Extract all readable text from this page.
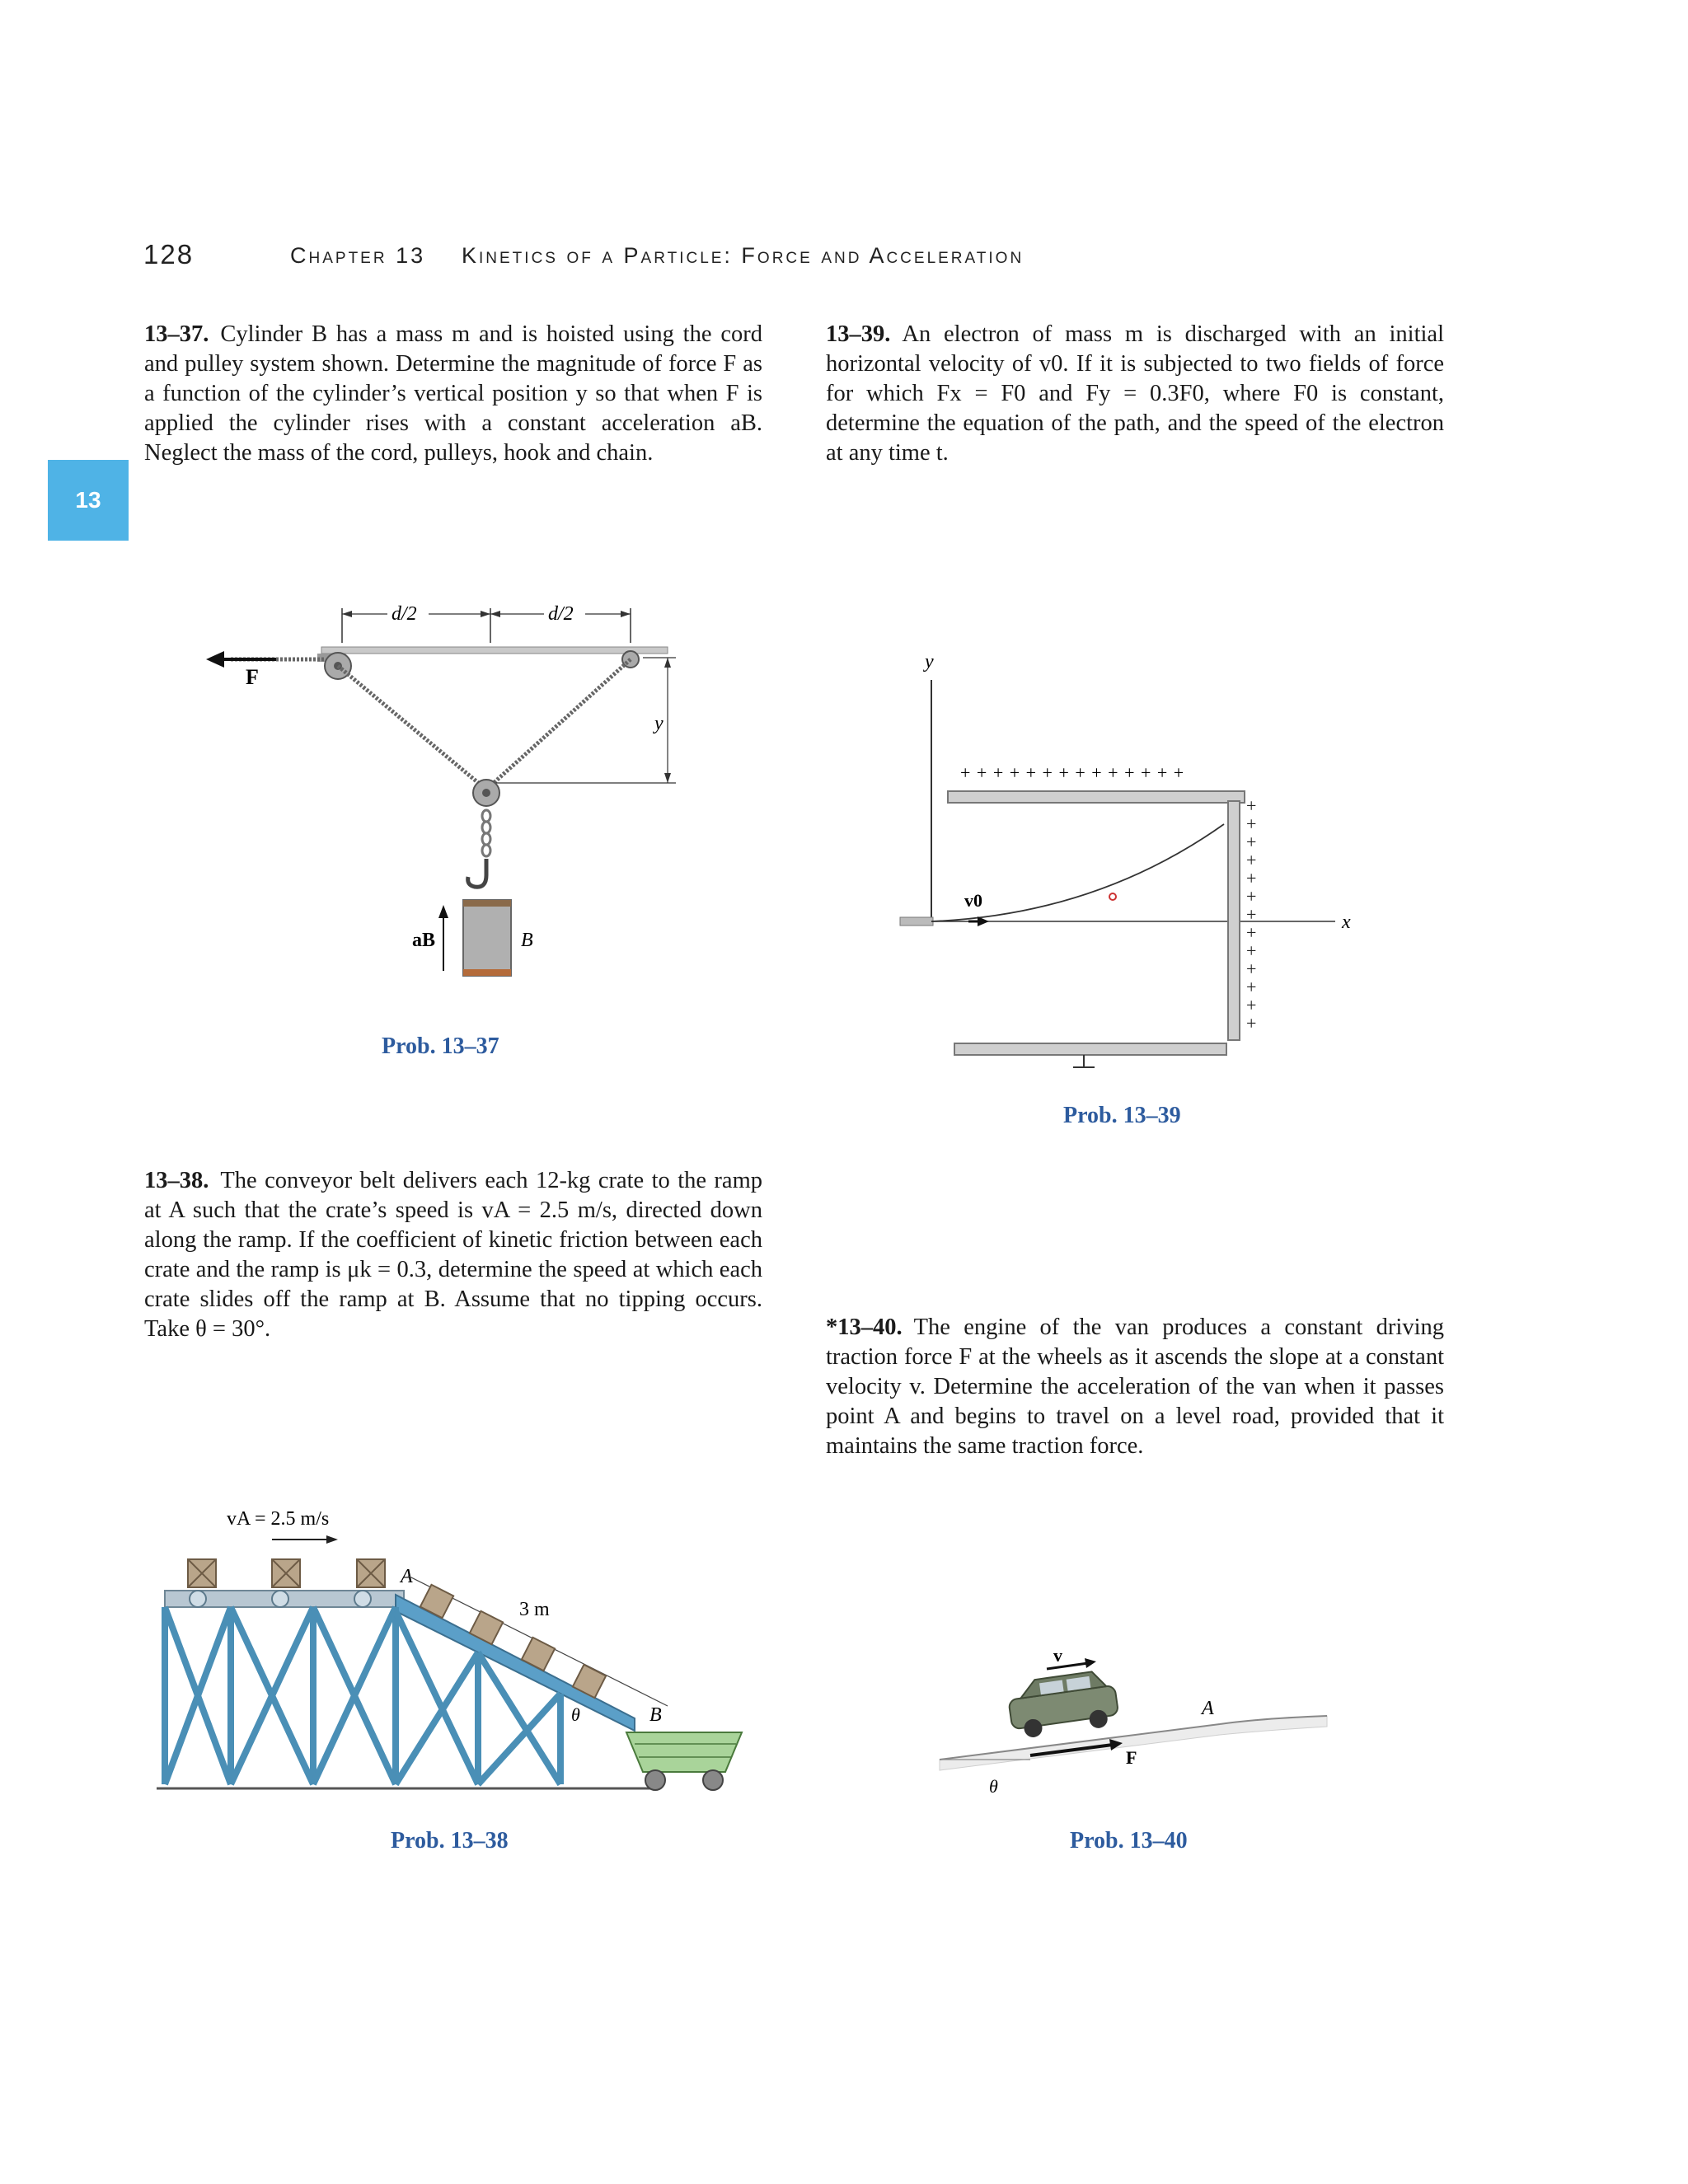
128	Chapter 13 Kinetics of a Particle: Force and Acceleration
13
13–37. Cylinder B has a mass m and is hoisted using the cord and pulley system shown. Determine the magnitude of force F as a function of the cylinder’s vertical position y so that when F is applied the cylinder rises with a constant acceleration aB. Neglect the mass of the cord, pulleys, hook and chain.
13–39. An electron of mass m is discharged with an initial horizontal velocity of v0. If it is subjected to two fields of force for which Fx = F0 and Fy = 0.3F0, where F0 is constant, determine the equation of the path, and the speed of the electron at any time t.
d/2	d/2
F
y
B
aB
Prob. 13–37
y
x
+ + + + + + + + + + + + + +
+
+
+
+
+
+
+
+
+
+
+
+
+
v0
Prob. 13–39
13–38. The conveyor belt delivers each 12-kg crate to the ramp at A such that the crate’s speed is vA = 2.5 m/s, directed down along the ramp. If the coefficient of kinetic friction between each crate and the ramp is μk = 0.3, determine the speed at which each crate slides off the ramp at B. Assume that no tipping occurs. Take θ = 30°.	*13–40. The engine of the van produces a constant driving traction force F at the wheels as it ascends the slope at a constant velocity v. Determine the acceleration of the van when it passes point A and begins to travel on a level road, provided that it maintains the same traction force.
vA = 2.5 m/s
A
3 m
θ	B
Prob. 13–38
θ
v
F
A
Prob. 13–40
